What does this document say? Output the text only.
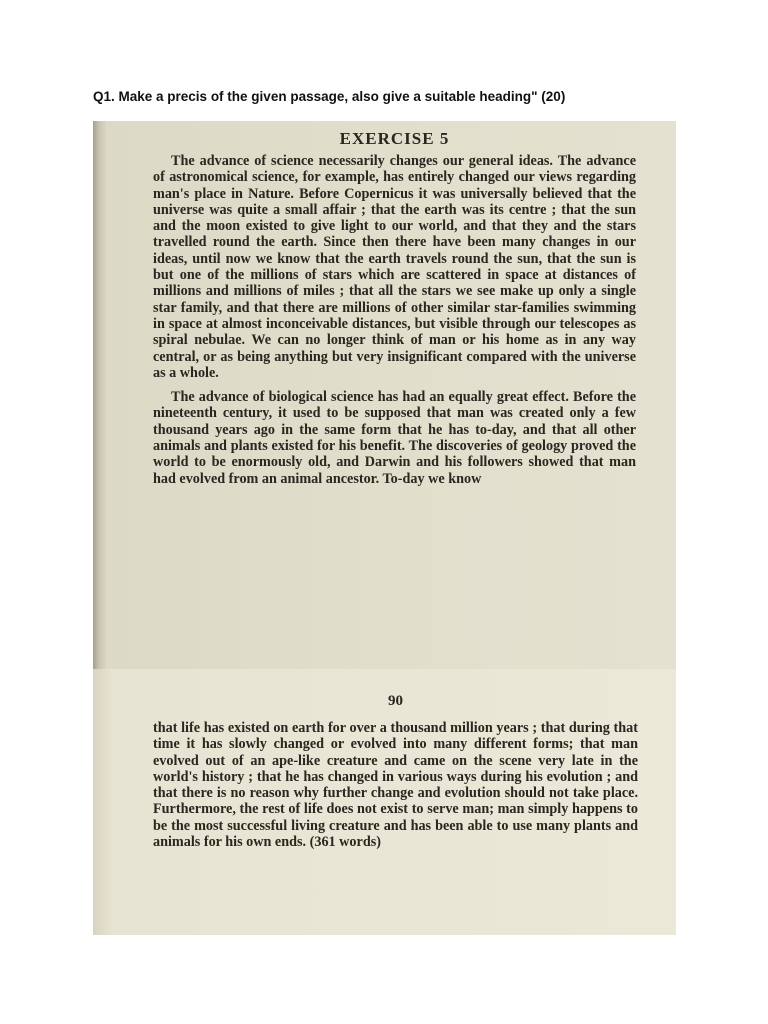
Q1. Make a precis of the given passage, also give a suitable heading" (20)
EXERCISE 5

The advance of science necessarily changes our general ideas. The advance of astronomical science, for example, has entirely changed our views regarding man's place in Nature. Before Copernicus it was universally believed that the universe was quite a small affair ; that the earth was its centre ; that the sun and the moon existed to give light to our world, and that they and the stars travelled round the earth. Since then there have been many changes in our ideas, until now we know that the earth travels round the sun, that the sun is but one of the millions of stars which are scattered in space at distances of millions and millions of miles ; that all the stars we see make up only a single star family, and that there are millions of other similar star-families swimming in space at almost inconceivable distances, but visible through our telescopes as spiral nebulae. We can no longer think of man or his home as in any way central, or as being anything but very insignificant compared with the universe as a whole.

The advance of biological science has had an equally great effect. Before the nineteenth century, it used to be supposed that man was created only a few thousand years ago in the same form that he has to-day, and that all other animals and plants existed for his benefit. The discoveries of geology proved the world to be enormously old, and Darwin and his followers showed that man had evolved from an animal ancestor. To-day we know

90

that life has existed on earth for over a thousand million years ; that during that time it has slowly changed or evolved into many different forms; that man evolved out of an ape-like creature and came on the scene very late in the world's history ; that he has changed in various ways during his evolution ; and that there is no reason why further change and evolution should not take place. Furthermore, the rest of life does not exist to serve man; man simply happens to be the most successful living creature and has been able to use many plants and animals for his own ends. (361 words)
